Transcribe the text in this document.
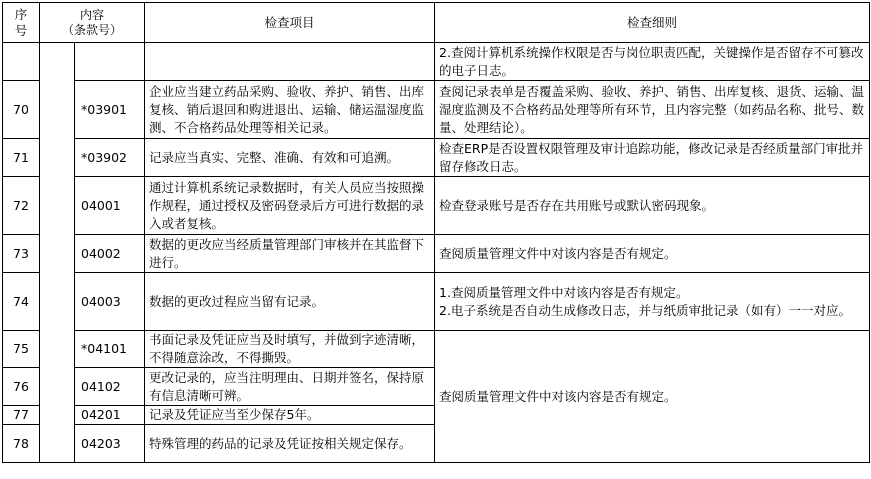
序号	内容
（条款号）		检查项目	检查细则
				2.查阅计算机系统操作权限是否与岗位职责匹配，关键操作是否留存不可篡改的电子日志。
70		*03901	企业应当建立药品采购、验收、养护、销售、出库复核、销后退回和购进退出、运输、储运温湿度监测、不合格药品处理等相关记录。	查阅记录表单是否覆盖采购、验收、养护、销售、出库复核、退货、运输、温湿度监测及不合格药品处理等所有环节，且内容完整（如药品名称、批号、数量、处理结论）。
71		*03902	记录应当真实、完整、准确、有效和可追溯。	检查ERP是否设置权限管理及审计追踪功能，修改记录是否经质量部门审批并留存修改日志。
72		04001	通过计算机系统记录数据时，有关人员应当按照操作规程，通过授权及密码登录后方可进行数据的录入或者复核。	检查登录账号是否存在共用账号或默认密码现象。
73		04002	数据的更改应当经质量管理部门审核并在其监督下进行。	查阅质量管理文件中对该内容是否有规定。
74		04003	数据的更改过程应当留有记录。	1.查阅质量管理文件中对该内容是否有规定。
2.电子系统是否自动生成修改日志，并与纸质审批记录（如有）一一对应。

75		*04101	书面记录及凭证应当及时填写，并做到字迹清晰，不得随意涂改，不得撕毁。	查阅质量管理文件中对该内容是否有规定。
76		04102	更改记录的，应当注明理由、日期并签名，保持原有信息清晰可辨。	
77		04201	记录及凭证应当至少保存5年。	
78		04203	特殊管理的药品的记录及凭证按相关规定保存。	
